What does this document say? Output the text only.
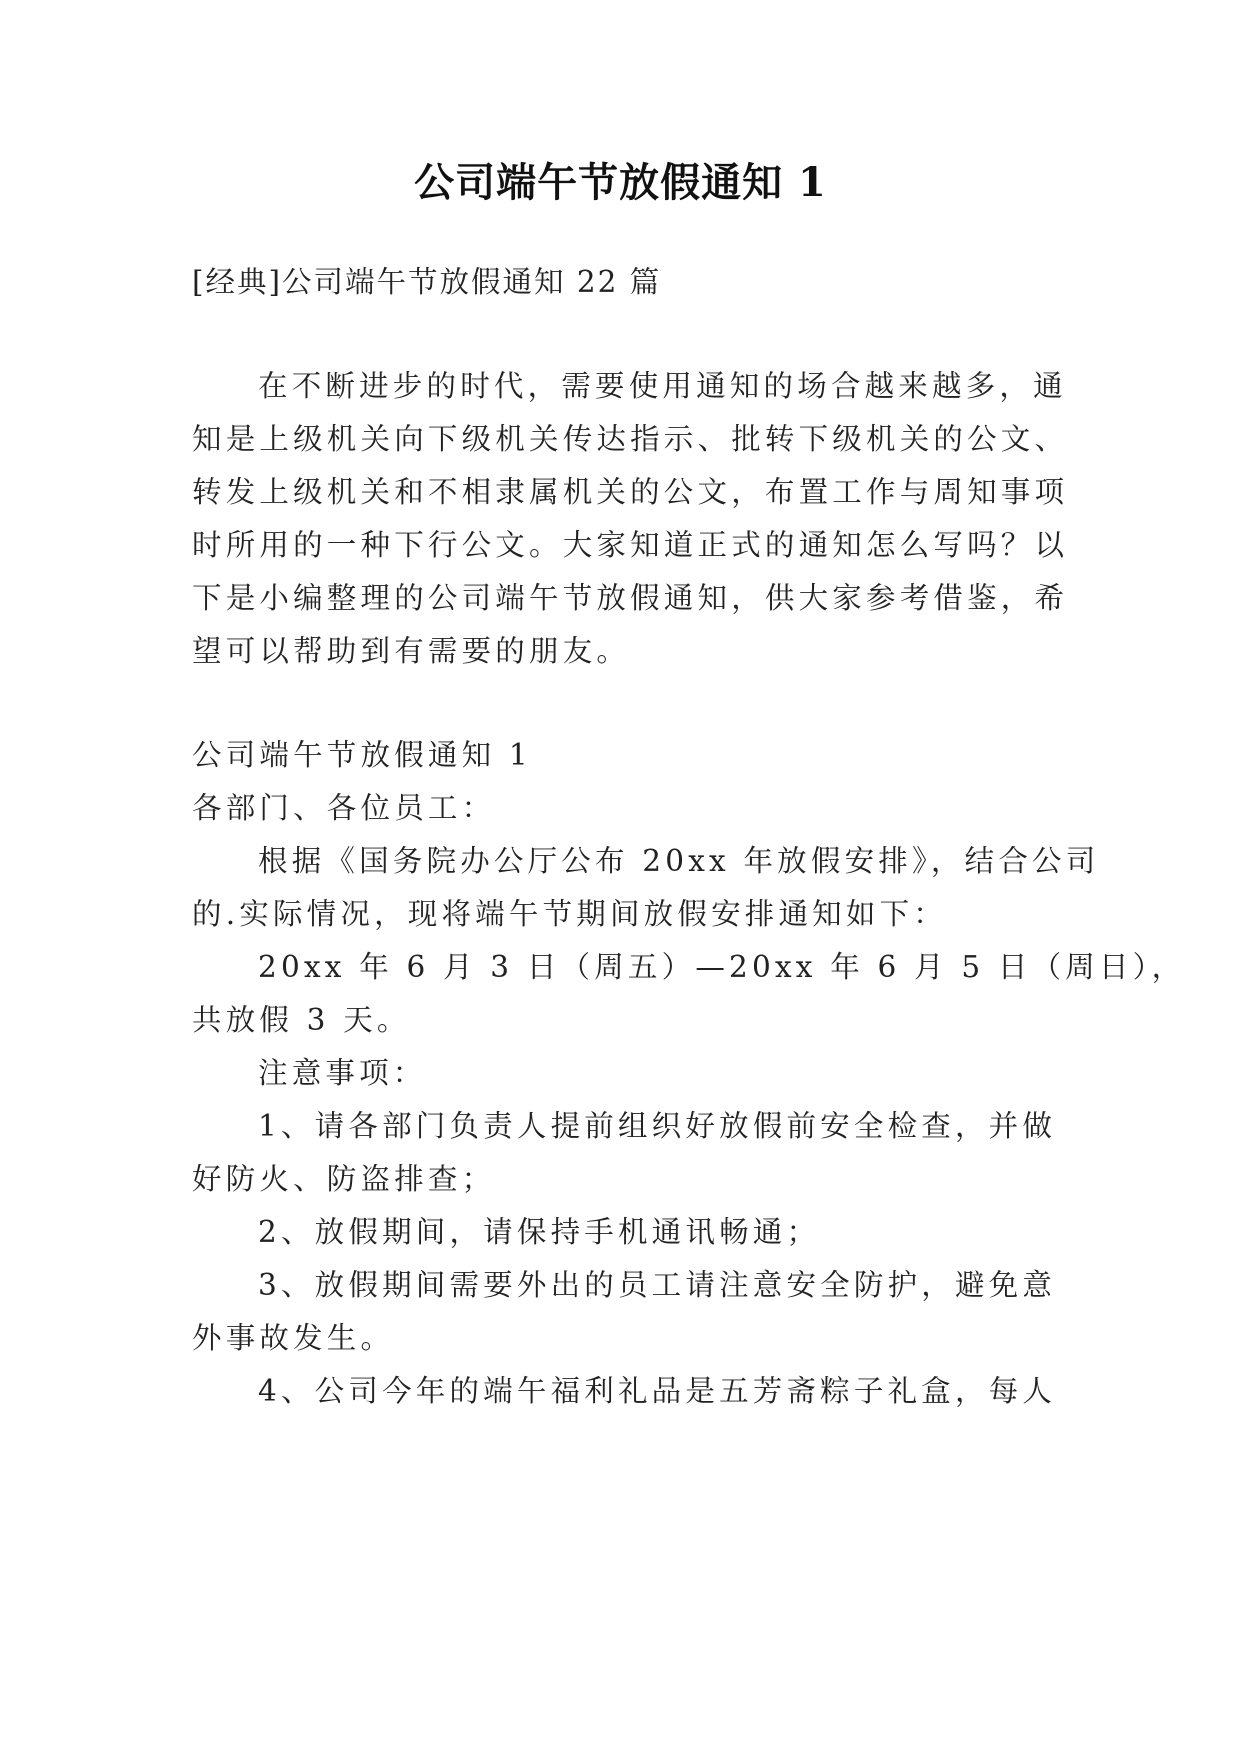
公司端午节放假通知 1
[经典]公司端午节放假通知 22 篇
在不断进步的时代，需要使用通知的场合越来越多，通
知是上级机关向下级机关传达指示、批转下级机关的公文、
转发上级机关和不相隶属机关的公文，布置工作与周知事项
时所用的一种下行公文。大家知道正式的通知怎么写吗？以
下是小编整理的公司端午节放假通知，供大家参考借鉴，希
望可以帮助到有需要的朋友。
公司端午节放假通知 1
各部门、各位员工：
根据《国务院办公厅公布 20xx 年放假安排》，结合公司
的.实际情况，现将端午节期间放假安排通知如下：
20xx 年 6 月 3 日（周五）—20xx 年 6 月 5 日（周日），
共放假 3 天。
注意事项：
1、请各部门负责人提前组织好放假前安全检查，并做
好防火、防盗排查；
2、放假期间，请保持手机通讯畅通；
3、放假期间需要外出的员工请注意安全防护，避免意
外事故发生。
4、公司今年的端午福利礼品是五芳斋粽子礼盒，每人
